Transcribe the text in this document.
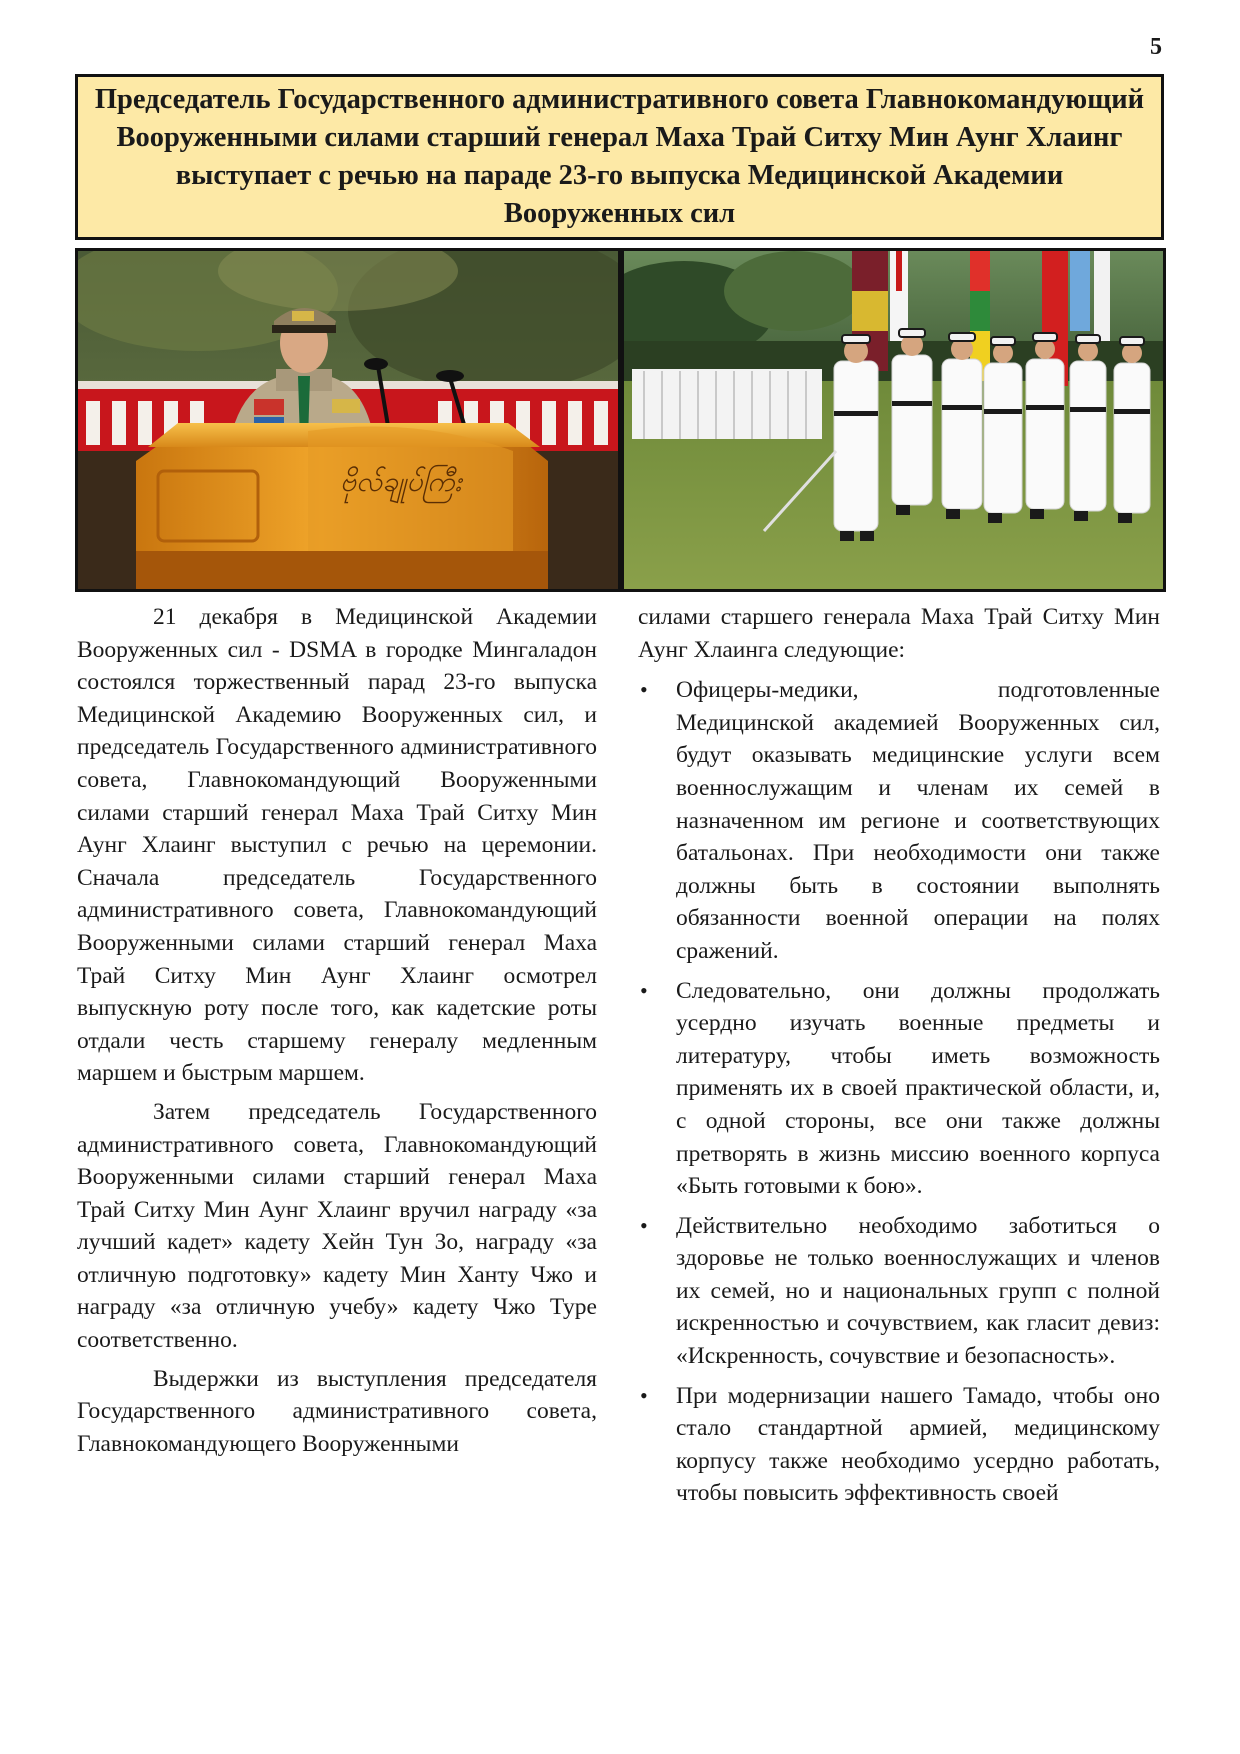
5
Председатель Государственного административного совета Главнокомандующий Вооруженными силами старший генерал Маха Трай Ситху Мин Аунг Хлаинг выступает с речью на параде 23-го выпуска Медицинской Академии Вооруженных сил
ဗိုလ်ချုပ်ကြီး

21 декабря в Медицинской Академии Вооруженных сил - DSMA в городке Мингаладон состоялся торжественный парад 23-го выпуска Медицинской Академию Вооруженных сил, и председатель Государственного административного совета, Главнокомандующий Вооруженными силами старший генерал Маха Трай Ситху Мин Аунг Хлаинг выступил с речью на церемонии. Сначала председатель Государственного административного совета, Главнокомандующий Вооруженными силами старший генерал Маха Трай Ситху Мин Аунг Хлаинг осмотрел выпускную роту после того, как кадетские роты отдали честь старшему генералу медленным маршем и быстрым маршем.

Затем председатель Государственного административного совета, Главнокомандующий Вооруженными силами старший генерал Маха Трай Ситху Мин Аунг Хлаинг вручил награду «за лучший кадет» кадету Хейн Тун Зо, награду «за отличную подготовку» кадету Мин Ханту Чжо и награду «за отличную учебу» кадету Чжо Туре соответственно.

Выдержки из выступления председателя Государственного административного совета, Главнокомандующего Вооруженными

силами старшего генерала Маха Трай Ситху Мин Аунг Хлаинга следующие:

• Офицеры-медики, подготовленные Медицинской академией Вооруженных сил, будут оказывать медицинские услуги всем военнослужащим и членам их семей в назначенном им регионе и соответствующих батальонах. При необходимости они также должны быть в состоянии выполнять обязанности военной операции на полях сражений.
• Следовательно, они должны продолжать усердно изучать военные предметы и литературу, чтобы иметь возможность применять их в своей практической области, и, с одной стороны, все они также должны претворять в жизнь миссию военного корпуса «Быть готовыми к бою».
• Действительно необходимо заботиться о здоровье не только военнослужащих и членов их семей, но и национальных групп с полной искренностью и сочувствием, как гласит девиз: «Искренность, сочувствие и безопасность».
• При модернизации нашего Тамадо, чтобы оно стало стандартной армией, медицинскому корпусу также необходимо усердно работать, чтобы повысить эффективность своей
